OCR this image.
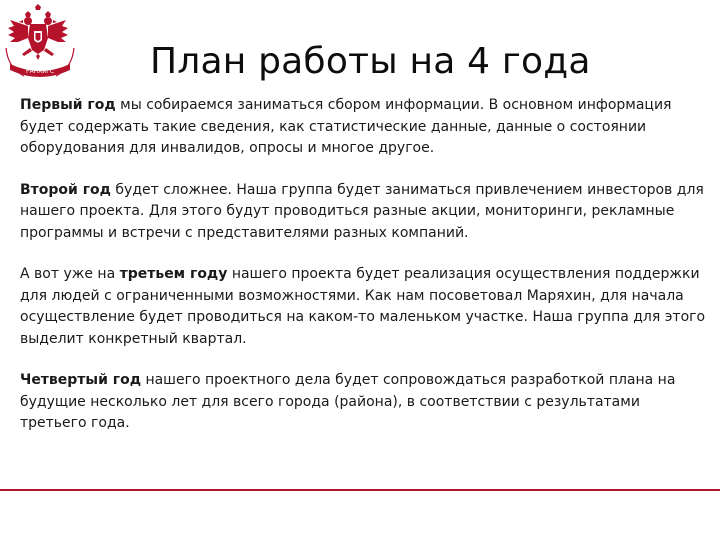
РАНХиГС	План работы на 4 года

Первый год мы собираемся заниматься сбором информации. В основном информация будет содержать такие сведения, как статистические данные, данные о состоянии оборудования для инвалидов, опросы и многое другое.

Второй год будет сложнее. Наша группа будет заниматься привлечением инвесторов для нашего проекта. Для этого будут проводиться разные акции, мониторинги, рекламные программы и встречи с представителями разных компаний.

А вот уже на третьем году нашего проекта будет реализация осуществления поддержки для людей с ограниченными возможностями. Как нам посоветовал Маряхин, для начала осуществление будет проводиться на каком-то маленьком участке. Наша группа для этого выделит конкретный квартал.

Четвертый год нашего проектного дела будет сопровождаться разработкой плана на будущие несколько лет для всего города (района), в соответствии с результатами третьего года.
